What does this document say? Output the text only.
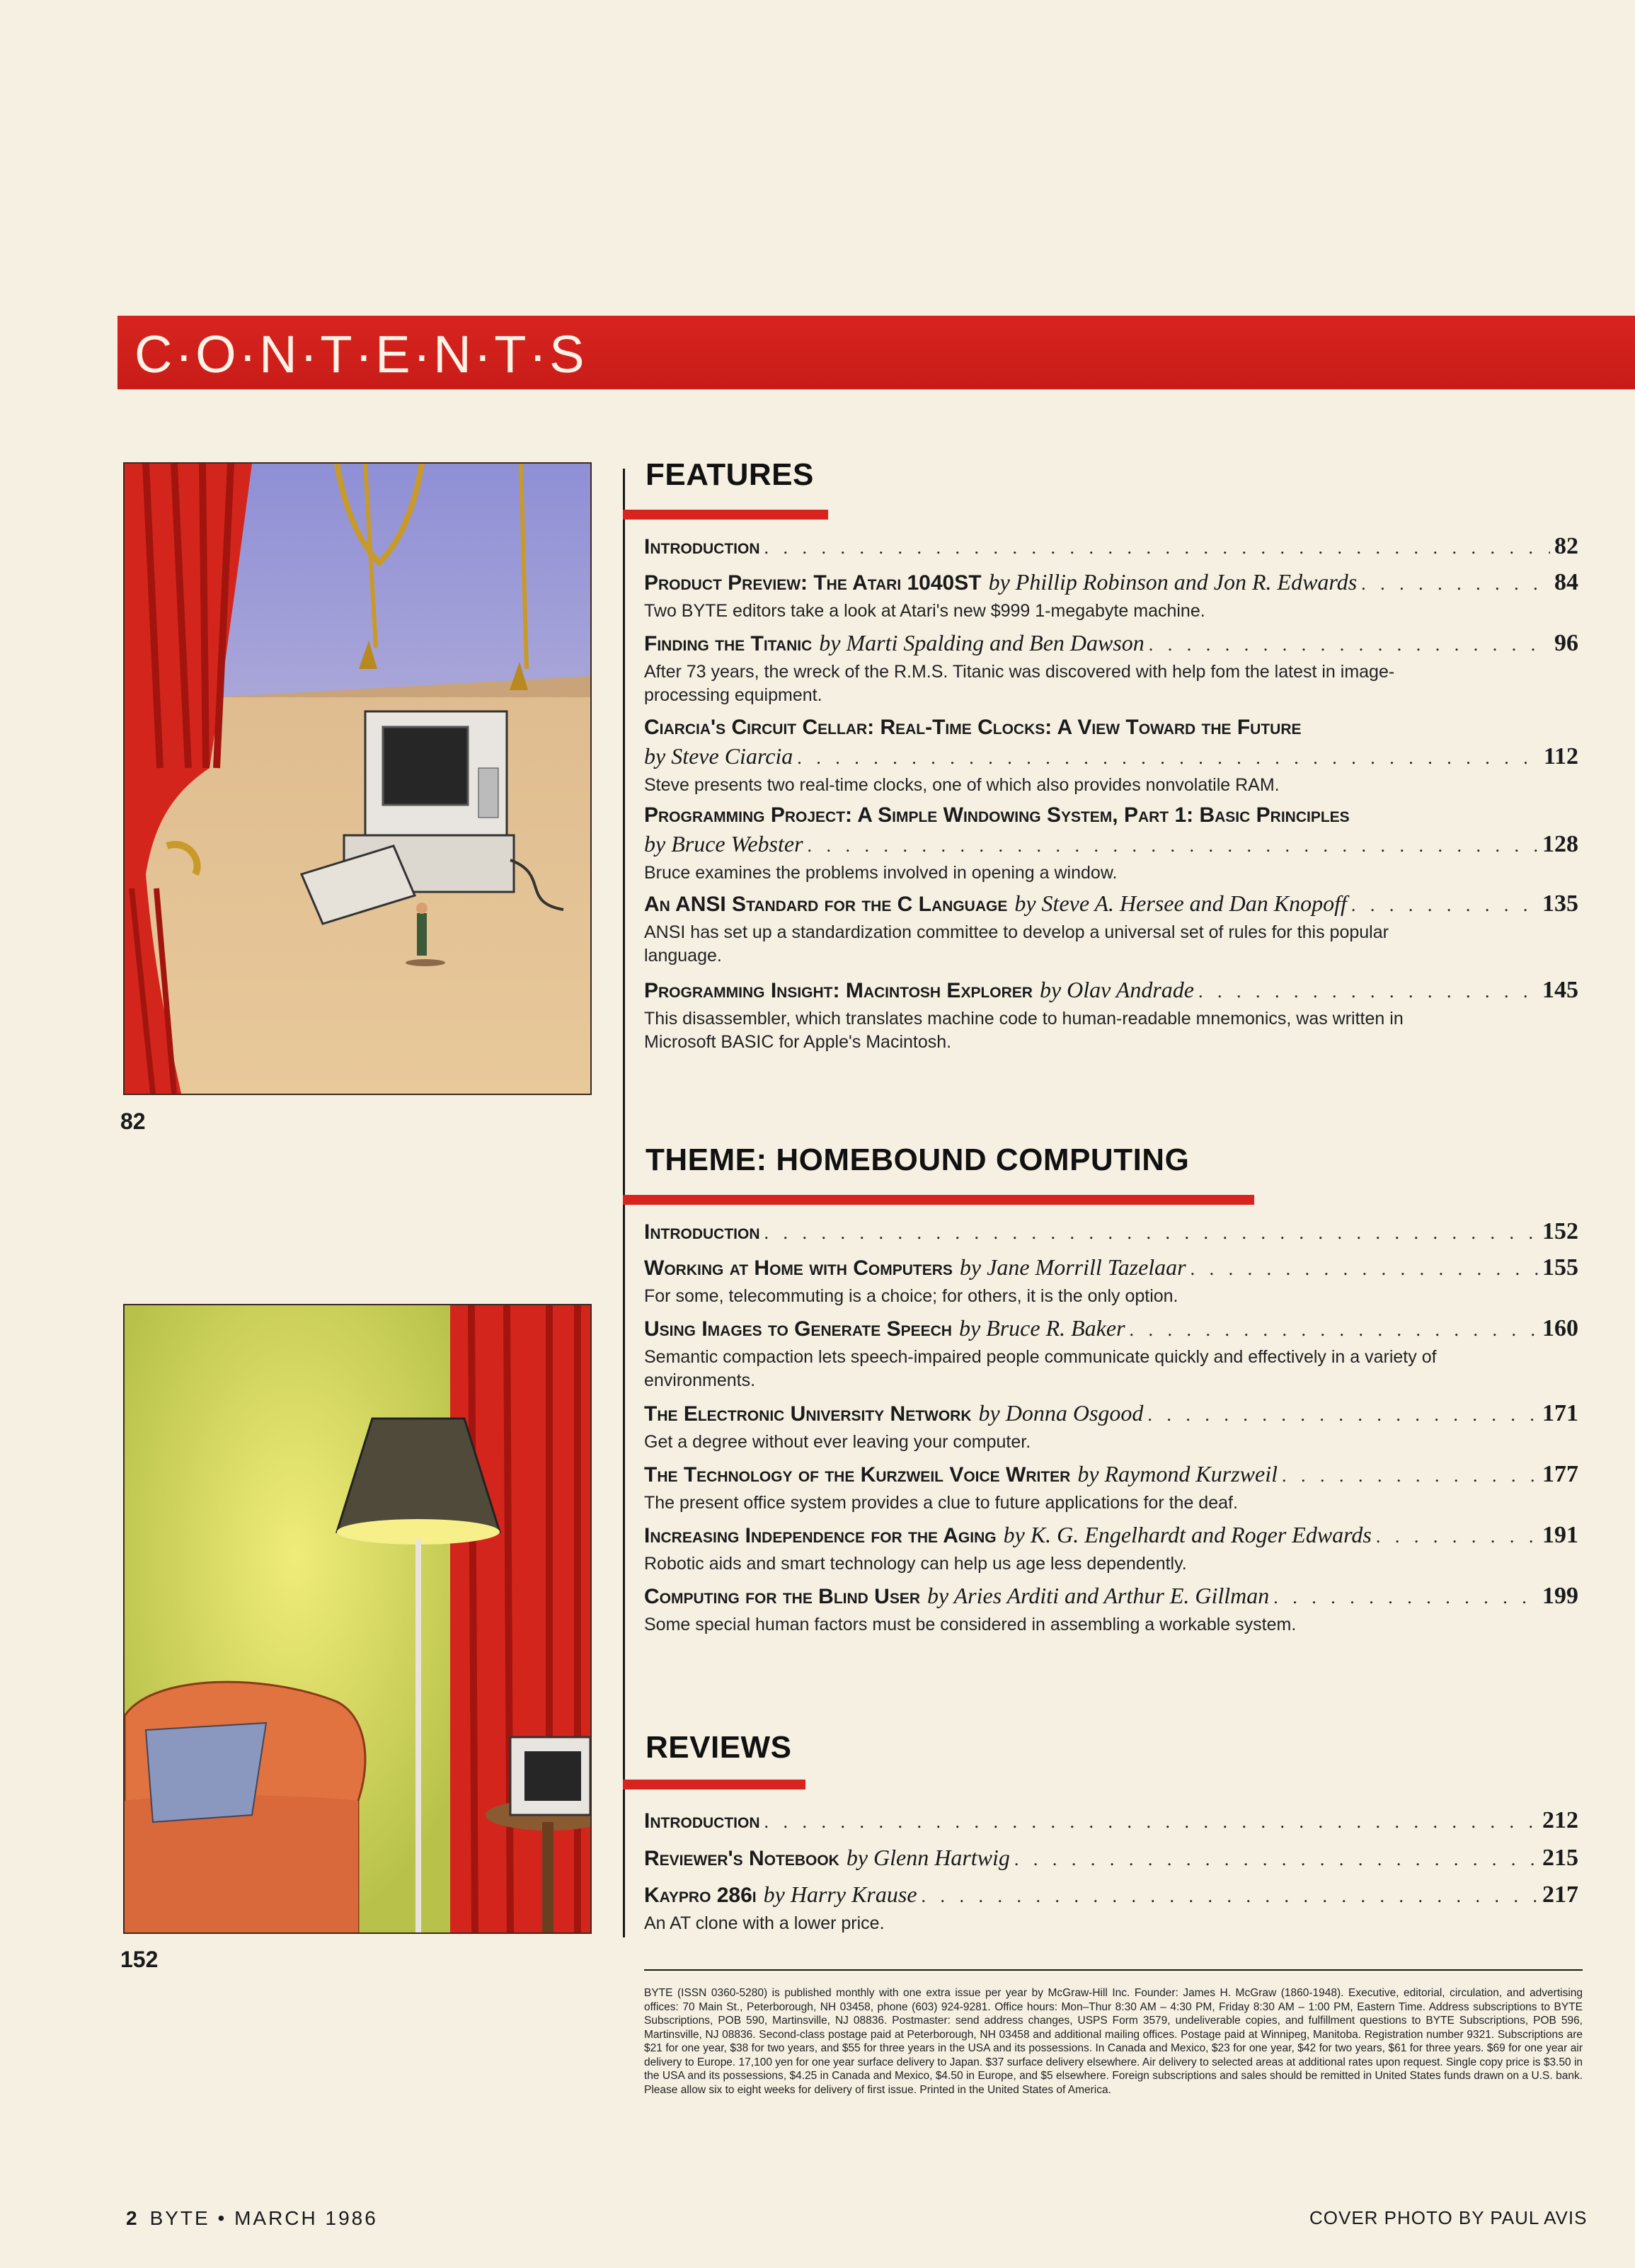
C·O·N·T·E·N·T·S
82
152
FEATURES
Introduction . . .	82
Product Preview: The Atari 1040ST by Phillip Robinson and Jon R. Edwards . . .	84
Two BYTE editors take a look at Atari's new $999 1-megabyte machine.
Finding the Titanic by Marti Spalding and Ben Dawson . . .	96
After 73 years, the wreck of the R.M.S. Titanic was discovered with help fom the latest in image-processing equipment.
Ciarcia's Circuit Cellar: Real-Time Clocks: A View Toward the Future
by Steve Ciarcia . . .	112
Steve presents two real-time clocks, one of which also provides nonvolatile RAM.
Programming Project: A Simple Windowing System, Part 1: Basic Principles
by Bruce Webster . . .	128
Bruce examines the problems involved in opening a window.
An ANSI Standard for the C Language by Steve A. Hersee and Dan Knopoff . . .	135
ANSI has set up a standardization committee to develop a universal set of rules for this popular language.
Programming Insight: Macintosh Explorer by Olav Andrade . . .	145
This disassembler, which translates machine code to human-readable mnemonics, was written in Microsoft BASIC for Apple's Macintosh.
THEME: HOMEBOUND COMPUTING
Introduction . . .	152
Working at Home with Computers by Jane Morrill Tazelaar . . .	155
For some, telecommuting is a choice; for others, it is the only option.
Using Images to Generate Speech by Bruce R. Baker . . .	160
Semantic compaction lets speech-impaired people communicate quickly and effectively in a variety of environments.
The Electronic University Network by Donna Osgood . . .	171
Get a degree without ever leaving your computer.
The Technology of the Kurzweil Voice Writer by Raymond Kurzweil . . .	177
The present office system provides a clue to future applications for the deaf.
Increasing Independence for the Aging by K. G. Engelhardt and Roger Edwards . . .	191
Robotic aids and smart technology can help us age less dependently.
Computing for the Blind User by Aries Arditi and Arthur E. Gillman . . .	199
Some special human factors must be considered in assembling a workable system.
REVIEWS
Introduction . . .	212
Reviewer's Notebook by Glenn Hartwig . . .	215
Kaypro 286i by Harry Krause . . .	217
An AT clone with a lower price.
BYTE (ISSN 0360-5280) is published monthly with one extra issue per year by McGraw-Hill Inc. Founder: James H. McGraw (1860-1948). Executive, editorial, circulation, and advertising offices: 70 Main St., Peterborough, NH 03458, phone (603) 924-9281. Office hours: Mon–Thur 8:30 AM – 4:30 PM, Friday 8:30 AM – 1:00 PM, Eastern Time. Address subscriptions to BYTE Subscriptions, POB 590, Martinsville, NJ 08836. Postmaster: send address changes, USPS Form 3579, undeliverable copies, and fulfillment questions to BYTE Subscriptions, POB 596, Martinsville, NJ 08836. Second-class postage paid at Peterborough, NH 03458 and additional mailing offices. Postage paid at Winnipeg, Manitoba. Registration number 9321. Subscriptions are $21 for one year, $38 for two years, and $55 for three years in the USA and its possessions. In Canada and Mexico, $23 for one year, $42 for two years, $61 for three years. $69 for one year air delivery to Europe. 17,100 yen for one year surface delivery to Japan. $37 surface delivery elsewhere. Air delivery to selected areas at additional rates upon request. Single copy price is $3.50 in the USA and its possessions, $4.25 in Canada and Mexico, $4.50 in Europe, and $5 elsewhere. Foreign subscriptions and sales should be remitted in United States funds drawn on a U.S. bank. Please allow six to eight weeks for delivery of first issue. Printed in the United States of America.
2 BYTE • MARCH 1986	COVER PHOTO BY PAUL AVIS
